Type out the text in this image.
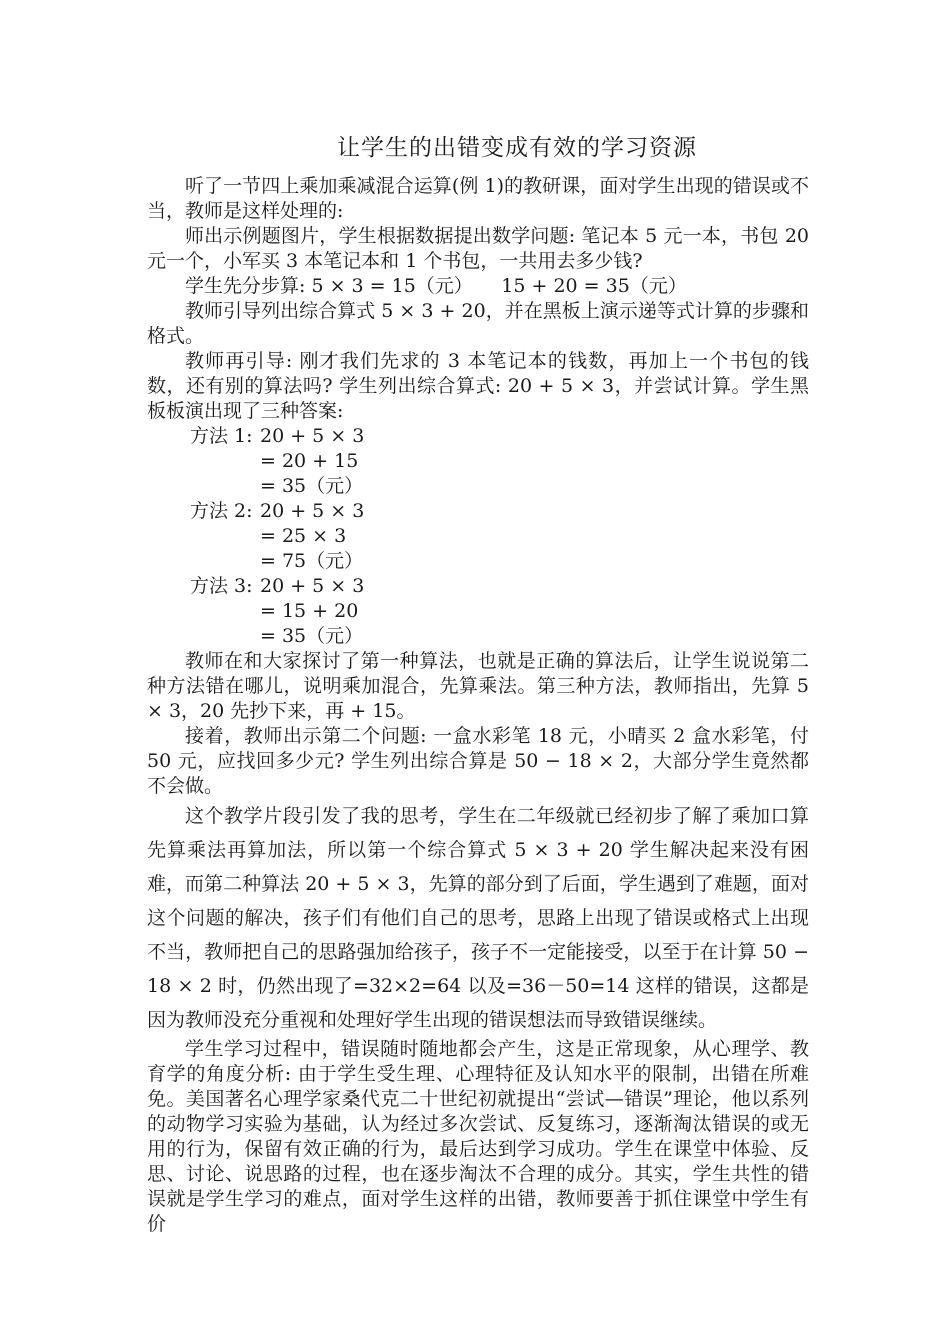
让学生的出错变成有效的学习资源

听了一节四上乘加乘减混合运算(例 1)的教研课，面对学生出现的错误或不当，教师是这样处理的:

师出示例题图片，学生根据数据提出数学问题: 笔记本 5 元一本，书包 20 元一个，小军买 3 本笔记本和 1 个书包，一共用去多少钱?

学生先分步算: 5 × 3 = 15（元）　　15 + 20 = 35（元）

教师引导列出综合算式 5 × 3 + 20，并在黑板上演示递等式计算的步骤和格式。

教师再引导: 刚才我们先求的 3 本笔记本的钱数，再加上一个书包的钱数，还有别的算法吗? 学生列出综合算式: 20 + 5 × 3，并尝试计算。学生黑板板演出现了三种答案:

方法 1: 20 + 5 × 3
= 20 + 15
= 35（元）
方法 2: 20 + 5 × 3
= 25 × 3
= 75（元）
方法 3: 20 + 5 × 3
= 15 + 20
= 35（元）

教师在和大家探讨了第一种算法，也就是正确的算法后，让学生说说第二种方法错在哪儿，说明乘加混合，先算乘法。第三种方法，教师指出，先算 5 × 3，20 先抄下来，再 + 15。

接着，教师出示第二个问题: 一盒水彩笔 18 元，小晴买 2 盒水彩笔，付 50 元，应找回多少元? 学生列出综合算是 50 − 18 × 2，大部分学生竟然都不会做。

这个教学片段引发了我的思考，学生在二年级就已经初步了解了乘加口算先算乘法再算加法，所以第一个综合算式 5 × 3 + 20 学生解决起来没有困难，而第二种算法 20 + 5 × 3，先算的部分到了后面，学生遇到了难题，面对这个问题的解决，孩子们有他们自己的思考，思路上出现了错误或格式上出现不当，教师把自己的思路强加给孩子，孩子不一定能接受，以至于在计算 50 − 18 × 2 时，仍然出现了=32×2=64 以及=36－50=14 这样的错误，这都是因为教师没充分重视和处理好学生出现的错误想法而导致错误继续。

学生学习过程中，错误随时随地都会产生，这是正常现象，从心理学、教育学的角度分析: 由于学生受生理、心理特征及认知水平的限制，出错在所难免。美国著名心理学家桑代克二十世纪初就提出“尝试—错误”理论，他以系列的动物学习实验为基础，认为经过多次尝试、反复练习，逐渐淘汰错误的或无用的行为，保留有效正确的行为，最后达到学习成功。学生在课堂中体验、反思、讨论、说思路的过程，也在逐步淘汰不合理的成分。其实，学生共性的错误就是学生学习的难点，面对学生这样的出错，教师要善于抓住课堂中学生有价
